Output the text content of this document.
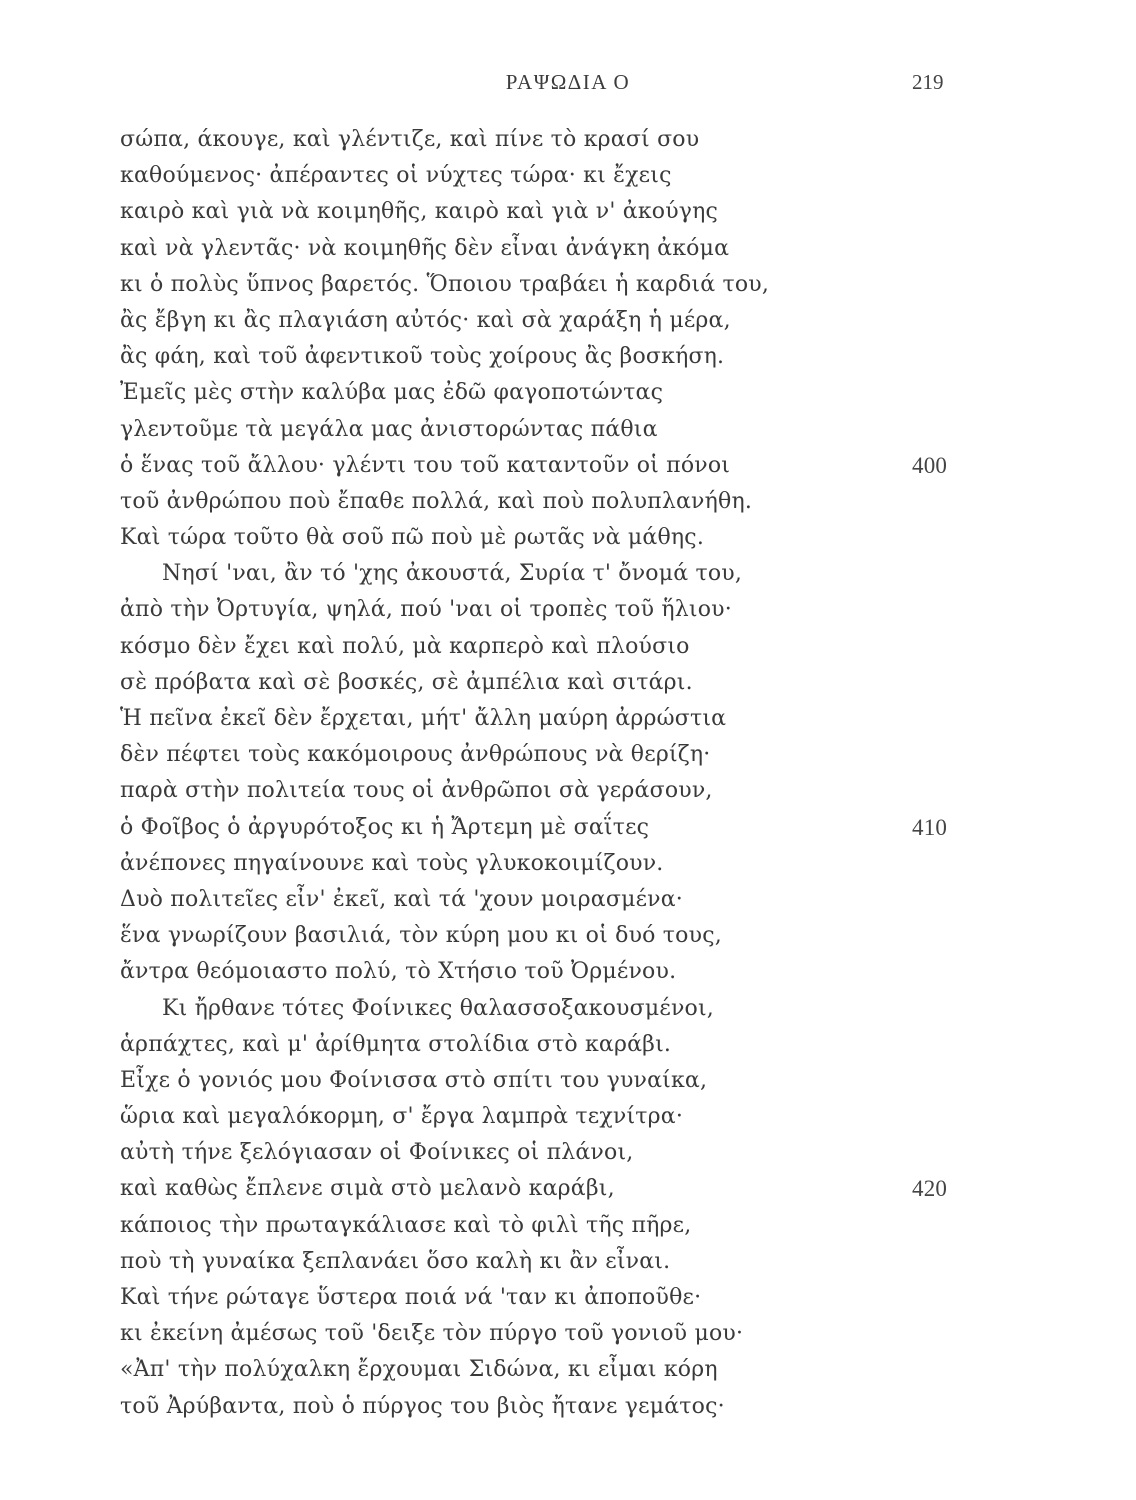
ΡΑΨΩΔΙΑ Ο	219
σώπα, άκουγε, καὶ γλέντιζε, καὶ πίνε τὸ κρασί σου
καθούμενος· ἀπέραντες οἱ νύχτες τώρα· κι ἔχεις
καιρὸ καὶ γιὰ νὰ κοιμηθῆς, καιρὸ καὶ γιὰ ν' ἀκούγης
καὶ νὰ γλεντᾶς· νὰ κοιμηθῆς δὲν εἶναι ἀνάγκη ἀκόμα
κι ὁ πολὺς ὕπνος βαρετός. Ὅποιου τραβάει ἡ καρδιά του,
ἂς ἔβγη κι ἂς πλαγιάση αὐτός· καὶ σὰ χαράξη ἡ μέρα,
ἂς φάη, καὶ τοῦ ἀφεντικοῦ τοὺς χοίρους ἂς βοσκήση.
Ἐμεῖς μὲς στὴν καλύβα μας ἐδῶ φαγοποτώντας
γλεντοῦμε τὰ μεγάλα μας ἀνιστορώντας πάθια
ὁ ἕνας τοῦ ἄλλου· γλέντι του τοῦ καταντοῦν οἱ πόνοι	400
τοῦ ἀνθρώπου ποὺ ἔπαθε πολλά, καὶ ποὺ πολυπλανήθη.
Καὶ τώρα τοῦτο θὰ σοῦ πῶ ποὺ μὲ ρωτᾶς νὰ μάθης.
Νησί 'ναι, ἂν τό 'χης ἀκουστά, Συρία τ' ὄνομά του,
ἀπὸ τὴν Ὀρτυγία, ψηλά, πού 'ναι οἱ τροπὲς τοῦ ἥλιου·
κόσμο δὲν ἔχει καὶ πολύ, μὰ καρπερὸ καὶ πλούσιο
σὲ πρόβατα καὶ σὲ βοσκές, σὲ ἀμπέλια καὶ σιτάρι.
Ἡ πεῖνα ἐκεῖ δὲν ἔρχεται, μήτ' ἄλλη μαύρη ἀρρώστια
δὲν πέφτει τοὺς κακόμοιρους ἀνθρώπους νὰ θερίζη·
παρὰ στὴν πολιτεία τους οἱ ἀνθρῶποι σὰ γεράσουν,
ὁ Φοῖβος ὁ ἀργυρότοξος κι ἡ Ἄρτεμη μὲ σαΐτες	410
ἀνέπονες πηγαίνουνε καὶ τοὺς γλυκοκοιμίζουν.
Δυὸ πολιτεῖες εἶν' ἐκεῖ, καὶ τά 'χουν μοιρασμένα·
ἕνα γνωρίζουν βασιλιά, τὸν κύρη μου κι οἱ δυό τους,
ἄντρα θεόμοιαστο πολύ, τὸ Χτήσιο τοῦ Ὀρμένου.
Κι ἤρθανε τότες Φοίνικες θαλασσοξακουσμένοι,
ἁρπάχτες, καὶ μ' ἀρίθμητα στολίδια στὸ καράβι.
Εἶχε ὁ γονιός μου Φοίνισσα στὸ σπίτι του γυναίκα,
ὥρια καὶ μεγαλόκορμη, σ' ἔργα λαμπρὰ τεχνίτρα·
αὐτὴ τήνε ξελόγιασαν οἱ Φοίνικες οἱ πλάνοι,
καὶ καθὼς ἔπλενε σιμὰ στὸ μελανὸ καράβι,	420
κάποιος τὴν πρωταγκάλιασε καὶ τὸ φιλὶ τῆς πῆρε,
ποὺ τὴ γυναίκα ξεπλανάει ὅσο καλὴ κι ἂν εἶναι.
Καὶ τήνε ρώταγε ὕστερα ποιά νά 'ταν κι ἀποποῦθε·
κι ἐκείνη ἀμέσως τοῦ 'δειξε τὸν πύργο τοῦ γονιοῦ μου·
«Ἀπ' τὴν πολύχαλκη ἔρχουμαι Σιδώνα, κι εἶμαι κόρη
τοῦ Ἀρύβαντα, ποὺ ὁ πύργος του βιὸς ἤτανε γεμάτος·
